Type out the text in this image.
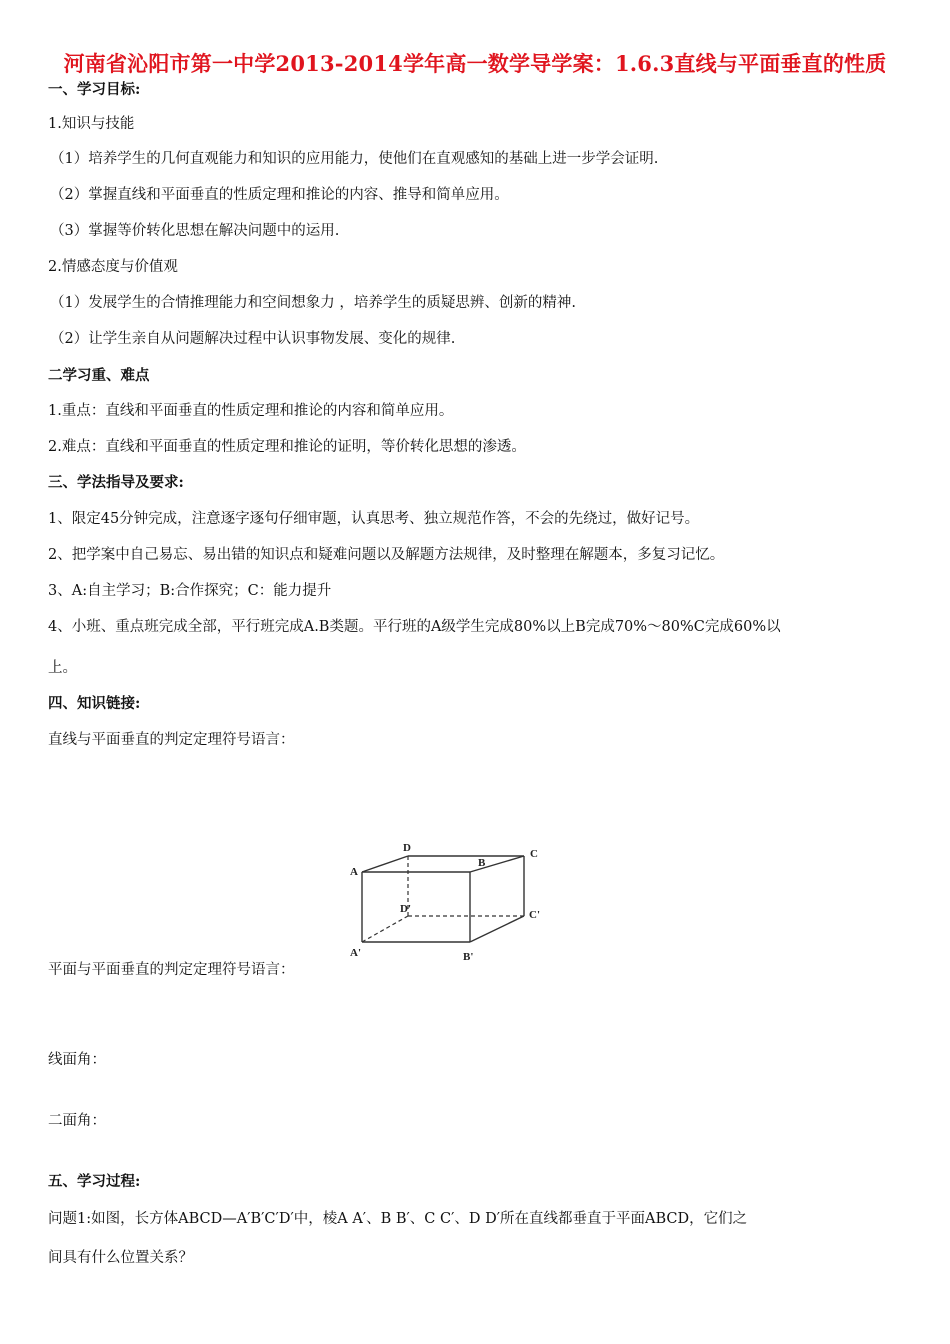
河南省沁阳市第一中学2013-2014学年高一数学导学案：1.6.3直线与平面垂直的性质
一、学习目标:
1.知识与技能
（1）培养学生的几何直观能力和知识的应用能力，使他们在直观感知的基础上进一步学会证明.
（2）掌握直线和平面垂直的性质定理和推论的内容、推导和简单应用。
（3）掌握等价转化思想在解决问题中的运用.
2.情感态度与价值观
（1）发展学生的合情推理能力和空间想象力 ，培养学生的质疑思辨、创新的精神.
（2）让学生亲自从问题解决过程中认识事物发展、变化的规律.
二学习重、难点
1.重点：直线和平面垂直的性质定理和推论的内容和简单应用。
2.难点：直线和平面垂直的性质定理和推论的证明，等价转化思想的渗透。
三、学法指导及要求:
1、限定45分钟完成，注意逐字逐句仔细审题，认真思考、独立规范作答，不会的先绕过，做好记号。
2、把学案中自己易忘、易出错的知识点和疑难问题以及解题方法规律，及时整理在解题本，多复习记忆。
3、A:自主学习；B:合作探究；C：能力提升
4、小班、重点班完成全部，平行班完成A.B类题。平行班的A级学生完成80%以上B完成70%～80%C完成60%以
上。
四、知识链接:
直线与平面垂直的判定定理符号语言：
A
D
B
C
D'	C'
A'	B'
平面与平面垂直的判定定理符号语言：
线面角：
二面角：
五、学习过程:
问题1:如图，长方体ABCD—A′B′C′D′中，棱A A′、B B′、C C′、D D′所在直线都垂直于平面ABCD，它们之
间具有什么位置关系？
